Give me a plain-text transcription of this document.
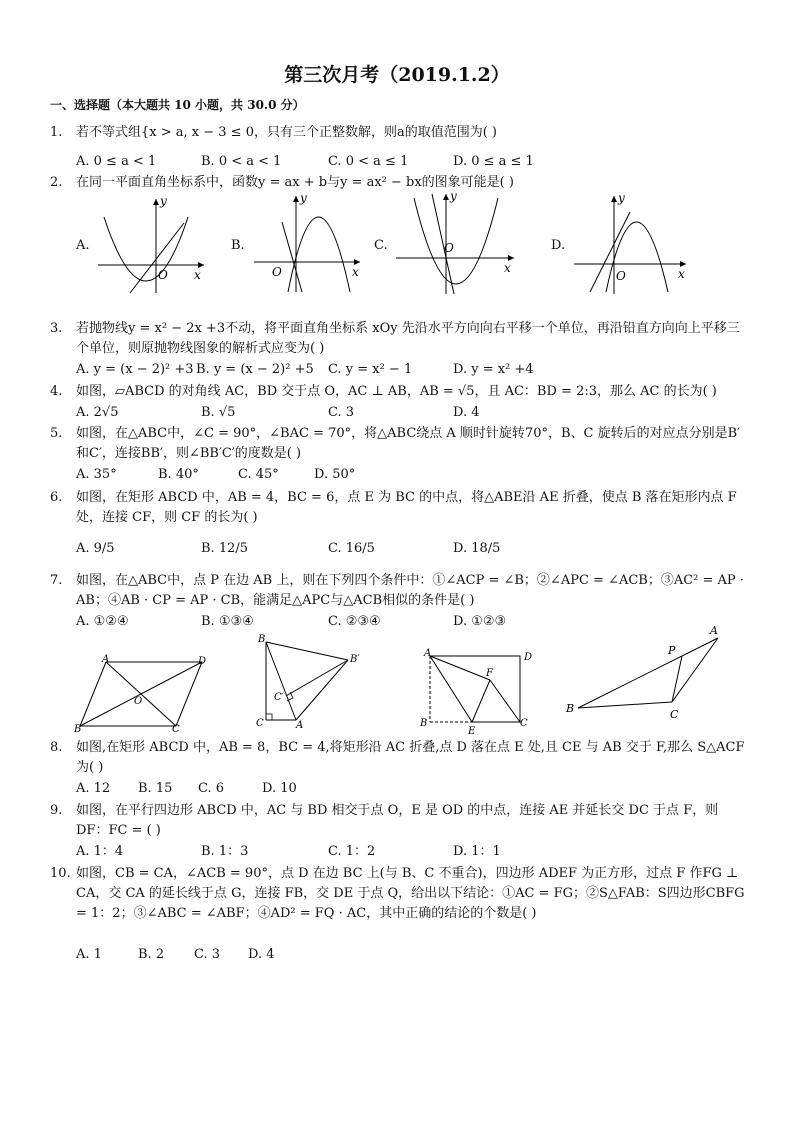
第三次月考（2019.1.2）
一、选择题（本大题共 10 小题，共 30.0 分）
1.	若不等式组{x > a, x − 3 ≤ 0，只有三个正整数解，则a的取值范围为( )
A. 0 ≤ a < 1	B. 0 < a < 1	C. 0 < a ≤ 1	D. 0 ≤ a ≤ 1
2.	在同一平面直角坐标系中，函数y = ax + b与y = ax² − bx的图象可能是( )
A.
y
x
O
B.
y
x
O
C.
y
x
O	D.
y
x
O
3.	若抛物线y = x² − 2x +3不动，将平面直角坐标系 xOy 先沿水平方向向右平移一个单位，再沿铅直方向向上平移三个单位，则原抛物线图象的解析式应变为( )
A. y = (x − 2)² +3 B. y = (x − 2)² +5 C. y = x² − 1	D. y = x² +4
4.	如图，▱ABCD 的对角线 AC，BD 交于点 O，AC ⊥ AB，AB = √5，且 AC：BD = 2:3，那么 AC 的长为( )
A. 2√5	B. √5	C. 3	D. 4
5.	如图，在△ABC中，∠C = 90°，∠BAC = 70°，将△ABC绕点 A 顺时针旋转70°，B、C 旋转后的对应点分别是B′和C′，连接BB′，则∠BB′C′的度数是( )
A. 35°	B. 40°	C. 45°	D. 50°
6.	如图，在矩形 ABCD 中，AB = 4，BC = 6，点 E 为 BC 的中点，将△ABE沿 AE 折叠，使点 B 落在矩形内点 F 处，连接 CF，则 CF 的长为( )
A. 9/5	B. 12/5	C. 16/5	D. 18/5
7.	如图，在△ABC中，点 P 在边 AB 上，则在下列四个条件中：①∠ACP = ∠B；②∠APC = ∠ACB；③AC² = AP · AB；④AB · CP = AP · CB，能满足△APC与△ACB相似的条件是( )
A. ①②④	B. ①③④	C. ②③④	D. ①②③
A	D
O
B	C
B
B′
C′
C	A
A	D
F
B
E
C
A
P
B	C
8.	如图,在矩形 ABCD 中，AB = 8，BC = 4,将矩形沿 AC 折叠,点 D 落在点 E 处,且 CE 与 AB 交于 F,那么 S△ACF 为( )
A. 12 B. 15 C. 6	D. 10
9.	如图，在平行四边形 ABCD 中，AC 与 BD 相交于点 O，E 是 OD 的中点，连接 AE 并延长交 DC 于点 F，则 DF：FC = ( )
A. 1：4	B. 1：3	C. 1：2	D. 1：1
10. 如图，CB = CA，∠ACB = 90°，点 D 在边 BC 上(与 B、C 不重合)，四边形 ADEF 为正方形，过点 F 作FG ⊥ CA，交 CA 的延长线于点 G，连接 FB，交 DE 于点 Q，给出以下结论：①AC = FG；②S△FAB：S四边形CBFG = 1：2；③∠ABC = ∠ABF；④AD² = FQ · AC，其中正确的结论的个数是( )
A. 1	B. 2 C. 3 D. 4
